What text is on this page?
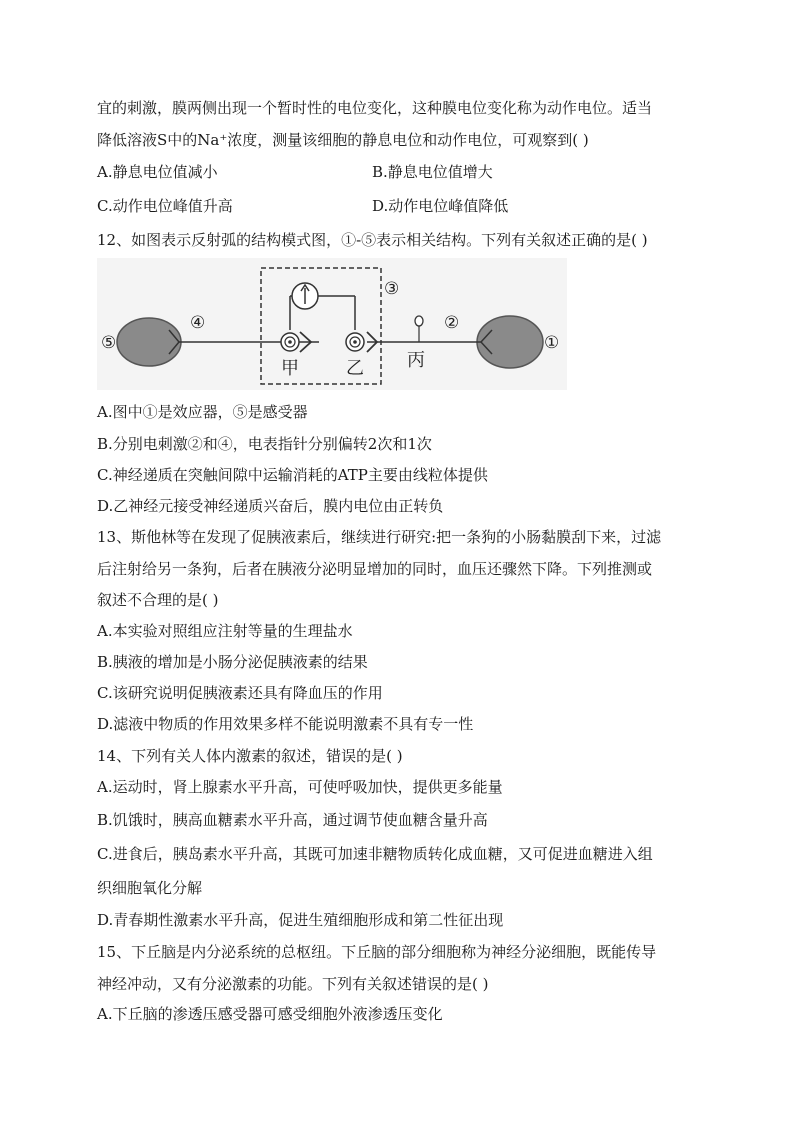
宜的刺激，膜两侧出现一个暂时性的电位变化，这种膜电位变化称为动作电位。适当
降低溶液S中的Na⁺浓度，测量该细胞的静息电位和动作电位，可观察到( )
A.静息电位值减小	B.静息电位值增大
C.动作电位峰值升高	D.动作电位峰值降低
12、如图表示反射弧的结构模式图，①-⑤表示相关结构。下列有关叙述正确的是( )
⑤
④
③
②
①
甲	乙 丙
A.图中①是效应器，⑤是感受器
B.分别电刺激②和④，电表指针分别偏转2次和1次
C.神经递质在突触间隙中运输消耗的ATP主要由线粒体提供
D.乙神经元接受神经递质兴奋后，膜内电位由正转负
13、斯他林等在发现了促胰液素后，继续进行研究:把一条狗的小肠黏膜刮下来，过滤
后注射给另一条狗，后者在胰液分泌明显增加的同时，血压还骤然下降。下列推测或
叙述不合理的是( )
A.本实验对照组应注射等量的生理盐水
B.胰液的增加是小肠分泌促胰液素的结果
C.该研究说明促胰液素还具有降血压的作用
D.滤液中物质的作用效果多样不能说明激素不具有专一性
14、下列有关人体内激素的叙述，错误的是( )
A.运动时，肾上腺素水平升高，可使呼吸加快，提供更多能量
B.饥饿时，胰高血糖素水平升高，通过调节使血糖含量升高
C.进食后，胰岛素水平升高，其既可加速非糖物质转化成血糖，又可促进血糖进入组
织细胞氧化分解
D.青春期性激素水平升高，促进生殖细胞形成和第二性征出现
15、下丘脑是内分泌系统的总枢纽。下丘脑的部分细胞称为神经分泌细胞，既能传导
神经冲动，又有分泌激素的功能。下列有关叙述错误的是( )
A.下丘脑的渗透压感受器可感受细胞外液渗透压变化
